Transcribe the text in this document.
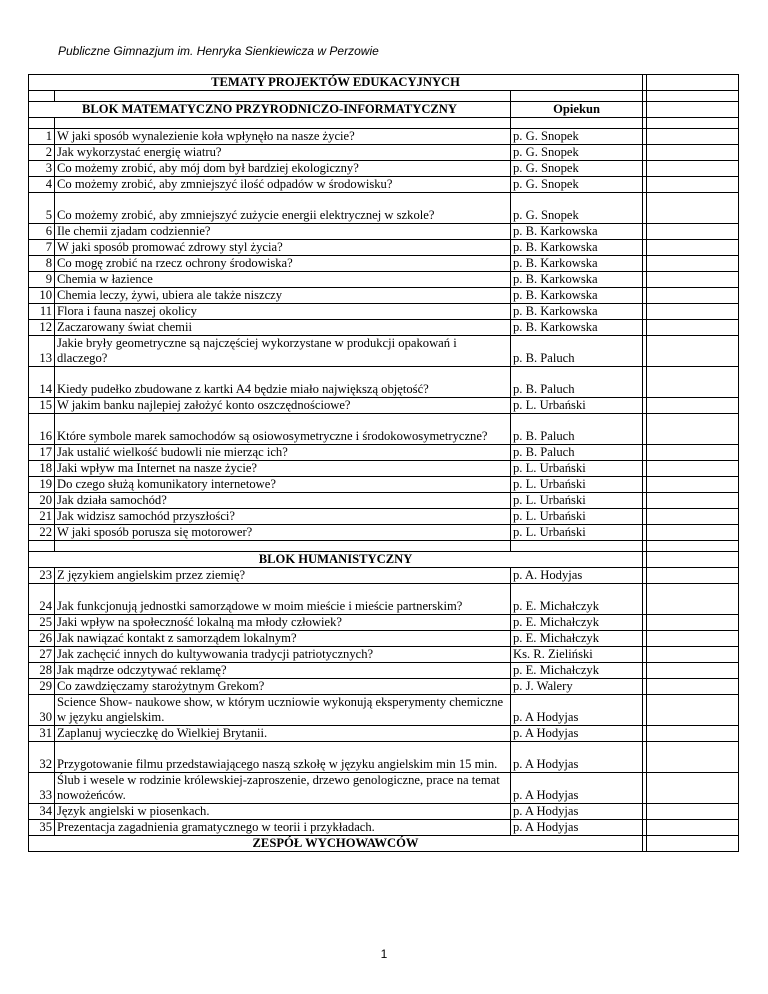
Publiczne Gimnazjum im. Henryka Sienkiewicza w Perzowie
TEMATY PROJEKTÓW EDUKACYJNYCH				

BLOK MATEMATYCZNO PRZYRODNICZO-INFORMATYCZNY		Opiekun		

1	W jaki sposób wynalezienie koła wpłynęło na nasze życie?	p. G. Snopek		
2	Jak wykorzystać energię wiatru?	p. G. Snopek		
3	Co możemy zrobić, aby mój dom był bardziej ekologiczny?	p. G. Snopek		
4	Co możemy zrobić, aby zmniejszyć ilość odpadów w środowisku?	p. G. Snopek		
5	Co możemy zrobić, aby zmniejszyć zużycie energii elektrycznej w szkole?	p. G. Snopek		
6	Ile chemii zjadam codziennie?	p. B. Karkowska		
7	W jaki sposób promować zdrowy styl życia?	p. B. Karkowska		
8	Co mogę zrobić na rzecz ochrony środowiska?	p. B. Karkowska		
9	Chemia w łazience	p. B. Karkowska		
10	Chemia leczy, żywi, ubiera ale także niszczy	p. B. Karkowska		
11	Flora i fauna naszej okolicy	p. B. Karkowska		
12	Zaczarowany świat chemii	p. B. Karkowska		
13	Jakie bryły geometryczne są najczęściej wykorzystane w produkcji opakowań i dlaczego?	p. B. Paluch		
14	Kiedy pudełko zbudowane z kartki A4 będzie miało największą objętość?	p. B. Paluch		
15	W jakim banku najlepiej założyć konto oszczędnościowe?	p. L. Urbański		
16	Które symbole marek samochodów są osiowosymetryczne i środokowosymetryczne?	p. B. Paluch		
17	Jak ustalić wielkość budowli nie mierząc ich?	p. B. Paluch		
18	Jaki wpływ ma Internet na nasze życie?	p. L. Urbański		
19	Do czego służą komunikatory internetowe?	p. L. Urbański		
20	Jak działa samochód?	p. L. Urbański		
21	Jak widzisz samochód przyszłości?	p. L. Urbański		
22	W jaki sposób porusza się motorower?	p. L. Urbański		

BLOK HUMANISTYCZNY				
23	Z językiem angielskim przez ziemię?	p. A. Hodyjas		
24	Jak funkcjonują jednostki samorządowe w moim mieście i mieście partnerskim?	p. E. Michałczyk		
25	Jaki wpływ na społeczność lokalną ma młody człowiek?	p. E. Michałczyk		
26	Jak nawiązać kontakt z samorządem lokalnym?	p. E. Michałczyk		
27	Jak zachęcić innych do kultywowania tradycji patriotycznych?	Ks. R. Zieliński		
28	Jak mądrze odczytywać reklamę?	p. E. Michałczyk		
29	Co zawdzięczamy starożytnym Grekom?	p. J. Walery		
30	Science Show- naukowe show, w którym uczniowie wykonują eksperymenty chemiczne w języku angielskim.	p. A Hodyjas		
31	Zaplanuj wycieczkę do Wielkiej Brytanii.	p. A Hodyjas		
32	Przygotowanie filmu przedstawiającego naszą szkołę w języku angielskim min 15 min.	p. A Hodyjas		
33	Ślub i wesele w rodzinie królewskiej-zaproszenie, drzewo genologiczne, prace na temat nowożeńców.	p. A Hodyjas		
34	Język angielski w piosenkach.	p. A Hodyjas		
35	Prezentacja zagadnienia gramatycznego w teorii i przykładach.	p. A Hodyjas		
ZESPÓŁ WYCHOWAWCÓW				
1
